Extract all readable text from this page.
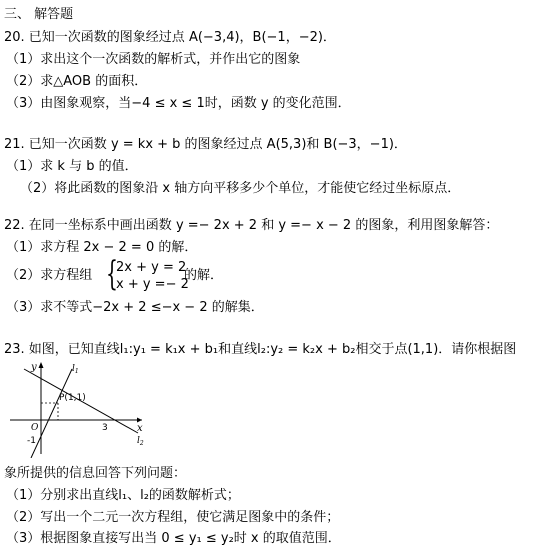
三、 解答题
20. 已知一次函数的图象经过点 A(−3,4)，B(−1，−2)．
（1）求出这个一次函数的解析式，并作出它的图象
（2）求△AOB 的面积．
（3）由图象观察，当−4 ≤ x ≤ 1时，函数 y 的变化范围．
21. 已知一次函数 y = kx + b 的图象经过点 A(5,3)和 B(−3，−1)．
（1）求 k 与 b 的值．
（2）将此函数的图象沿 x 轴方向平移多少个单位，才能使它经过坐标原点．
22. 在同一坐标系中画出函数 y =− 2x + 2 和 y =− x − 2 的图象，利用图象解答：
（1）求方程 2x − 2 = 0 的解．
（2）求方程组 {
2x + y = 2
x + y =− 2
的解．
（3）求不等式−2x + 2 ≤−x − 2 的解集．
23. 如图，已知直线l₁:y₁ = k₁x + b₁和直线l₂:y₂ = k₂x + b₂相交于点(1,1)．请你根据图
y
x
O
$l_1$
$l_2$
P(1,1)
3
-1
象所提供的信息回答下列问题：
（1）分别求出直线l₁、l₂的函数解析式；
（2）写出一个二元一次方程组，使它满足图象中的条件；
（3）根据图象直接写出当 0 ≤ y₁ ≤ y₂时 x 的取值范围．
